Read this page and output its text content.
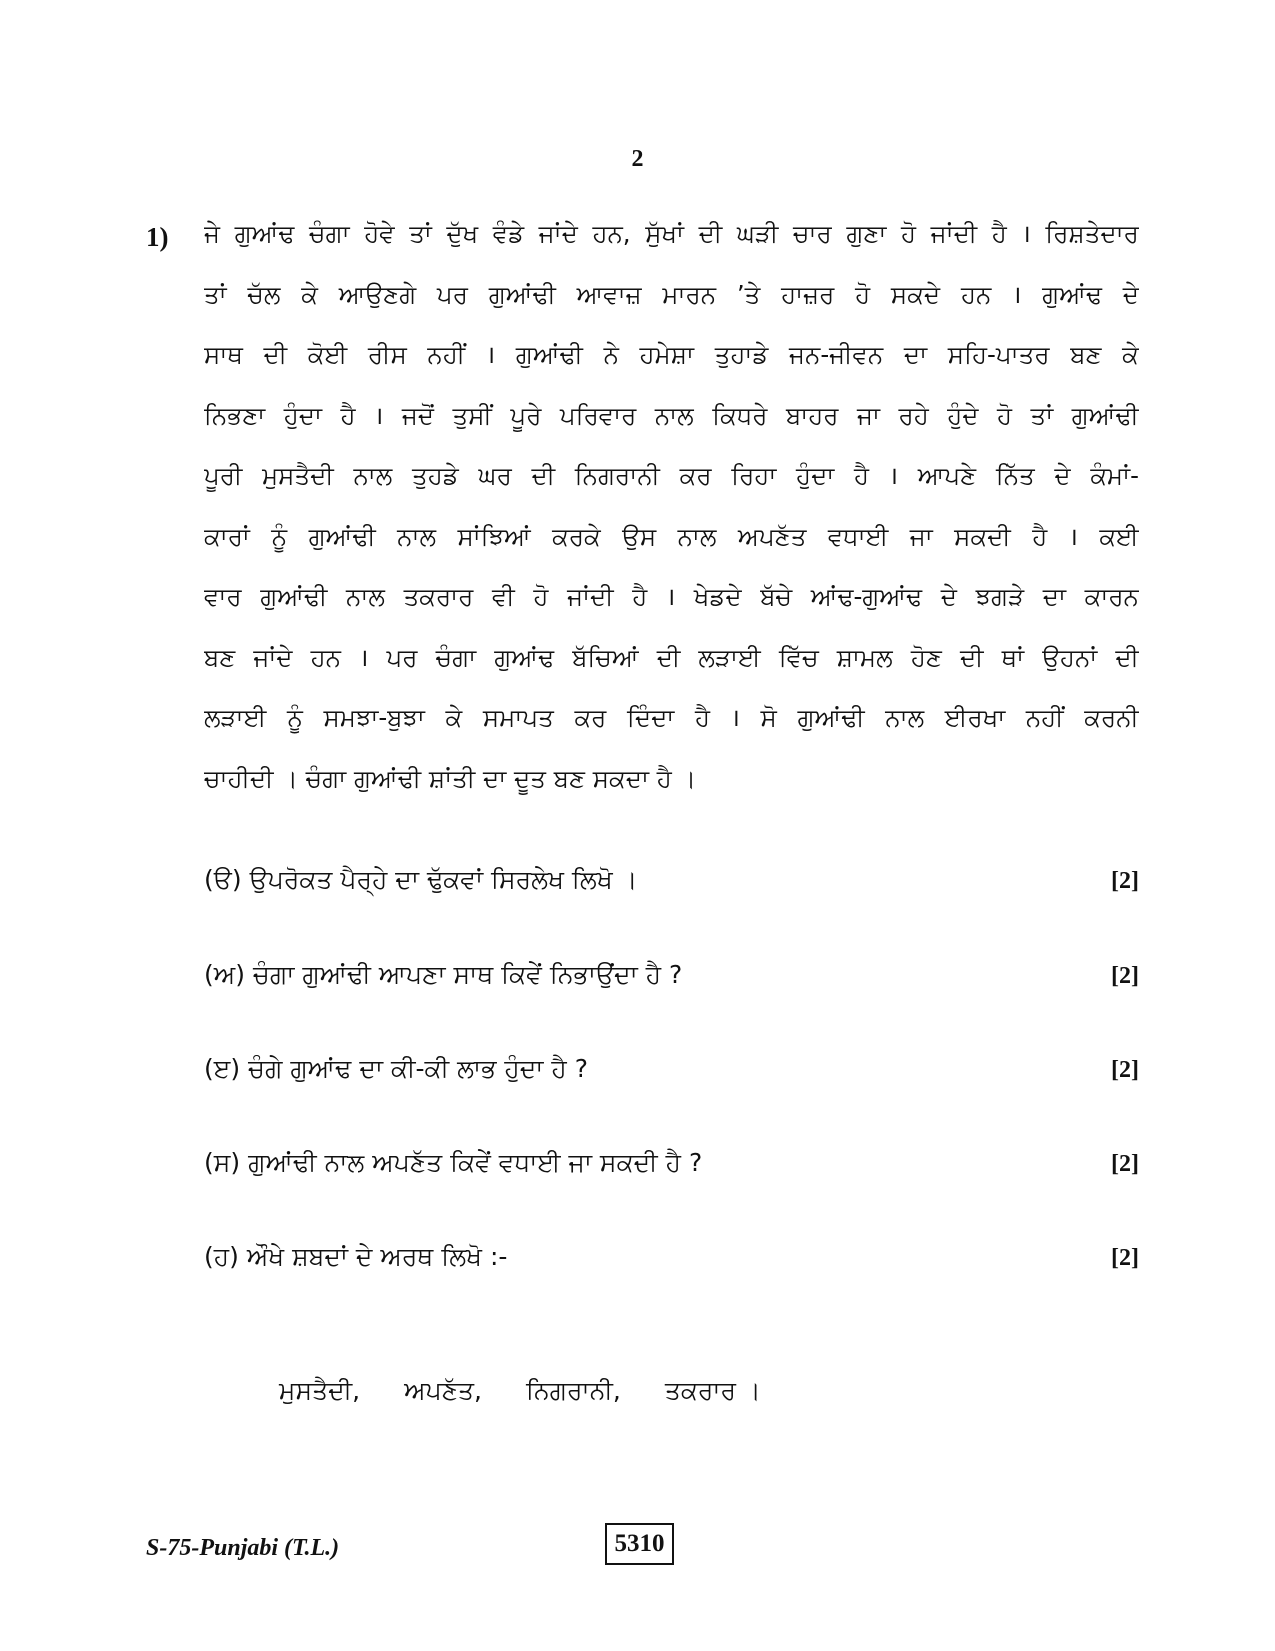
2
1) ਜੇ ਗੁਆਂਢ ਚੰਗਾ ਹੋਵੇ ਤਾਂ ਦੁੱਖ ਵੰਡੇ ਜਾਂਦੇ ਹਨ, ਸੁੱਖਾਂ ਦੀ ਘੜੀ ਚਾਰ ਗੁਣਾ ਹੋ ਜਾਂਦੀ ਹੈ । ਰਿਸ਼ਤੇਦਾਰ
ਤਾਂ ਚੱਲ ਕੇ ਆਉਣਗੇ ਪਰ ਗੁਆਂਢੀ ਆਵਾਜ਼ ਮਾਰਨ ’ਤੇ ਹਾਜ਼ਰ ਹੋ ਸਕਦੇ ਹਨ । ਗੁਆਂਢ ਦੇ
ਸਾਥ ਦੀ ਕੋਈ ਰੀਸ ਨਹੀਂ । ਗੁਆਂਢੀ ਨੇ ਹਮੇਸ਼ਾ ਤੁਹਾਡੇ ਜਨ-ਜੀਵਨ ਦਾ ਸਹਿ-ਪਾਤਰ ਬਣ ਕੇ
ਨਿਭਣਾ ਹੁੰਦਾ ਹੈ । ਜਦੋਂ ਤੁਸੀਂ ਪੂਰੇ ਪਰਿਵਾਰ ਨਾਲ ਕਿਧਰੇ ਬਾਹਰ ਜਾ ਰਹੇ ਹੁੰਦੇ ਹੋ ਤਾਂ ਗੁਆਂਢੀ
ਪੂਰੀ ਮੁਸਤੈਦੀ ਨਾਲ ਤੁਹਡੇ ਘਰ ਦੀ ਨਿਗਰਾਨੀ ਕਰ ਰਿਹਾ ਹੁੰਦਾ ਹੈ । ਆਪਣੇ ਨਿੱਤ ਦੇ ਕੰਮਾਂ-
ਕਾਰਾਂ ਨੂੰ ਗੁਆਂਢੀ ਨਾਲ ਸਾਂਝਿਆਂ ਕਰਕੇ ਉਸ ਨਾਲ ਅਪਣੱਤ ਵਧਾਈ ਜਾ ਸਕਦੀ ਹੈ । ਕਈ
ਵਾਰ ਗੁਆਂਢੀ ਨਾਲ ਤਕਰਾਰ ਵੀ ਹੋ ਜਾਂਦੀ ਹੈ । ਖੇਡਦੇ ਬੱਚੇ ਆਂਢ-ਗੁਆਂਢ ਦੇ ਝਗੜੇ ਦਾ ਕਾਰਨ
ਬਣ ਜਾਂਦੇ ਹਨ । ਪਰ ਚੰਗਾ ਗੁਆਂਢ ਬੱਚਿਆਂ ਦੀ ਲੜਾਈ ਵਿੱਚ ਸ਼ਾਮਲ ਹੋਣ ਦੀ ਥਾਂ ਉਹਨਾਂ ਦੀ
ਲੜਾਈ ਨੂੰ ਸਮਝਾ-ਬੁਝਾ ਕੇ ਸਮਾਪਤ ਕਰ ਦਿੰਦਾ ਹੈ । ਸੋ ਗੁਆਂਢੀ ਨਾਲ ਈਰਖਾ ਨਹੀਂ ਕਰਨੀ
ਚਾਹੀਦੀ । ਚੰਗਾ ਗੁਆਂਢੀ ਸ਼ਾਂਤੀ ਦਾ ਦੂਤ ਬਣ ਸਕਦਾ ਹੈ ।
(ੳ) ਉਪਰੋਕਤ ਪੈਰ੍ਹੇ ਦਾ ਢੁੱਕਵਾਂ ਸਿਰਲੇਖ ਲਿਖੋ ।	[2]
(ਅ) ਚੰਗਾ ਗੁਆਂਢੀ ਆਪਣਾ ਸਾਥ ਕਿਵੇਂ ਨਿਭਾਉਂਦਾ ਹੈ ?	[2]
(ੲ) ਚੰਗੇ ਗੁਆਂਢ ਦਾ ਕੀ-ਕੀ ਲਾਭ ਹੁੰਦਾ ਹੈ ?	[2]
(ਸ) ਗੁਆਂਢੀ ਨਾਲ ਅਪਣੱਤ ਕਿਵੇਂ ਵਧਾਈ ਜਾ ਸਕਦੀ ਹੈ ?	[2]
(ਹ) ਔਖੇ ਸ਼ਬਦਾਂ ਦੇ ਅਰਥ ਲਿਖੋ :-	[2]
ਮੁਸਤੈਦੀ, ਅਪਣੱਤ, ਨਿਗਰਾਨੀ, ਤਕਰਾਰ ।
S-75-Punjabi (T.L.)	5310
